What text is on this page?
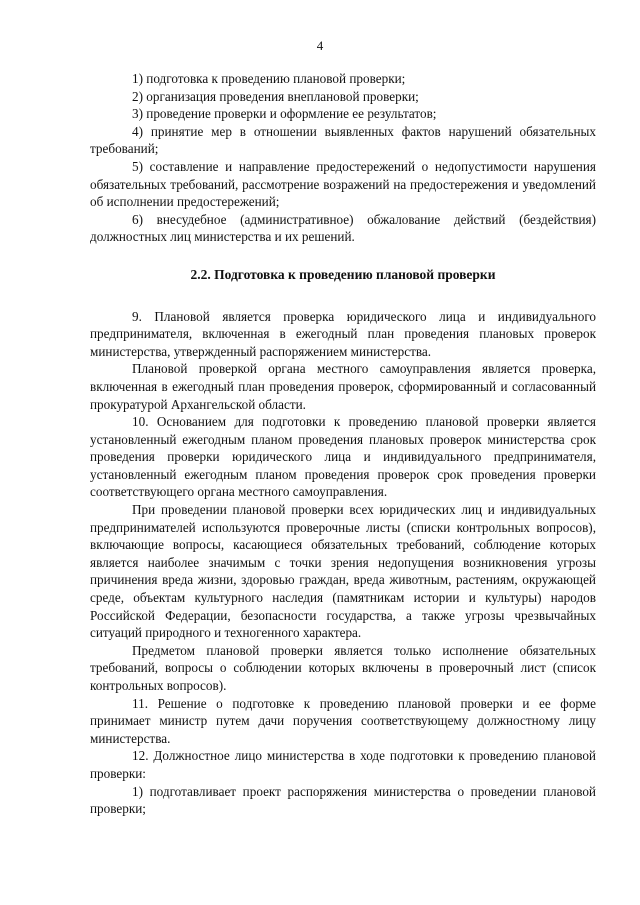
4

1) подготовка к проведению плановой проверки;

2) организация проведения внеплановой проверки;

3) проведение проверки и оформление ее результатов;

4) принятие мер в отношении выявленных фактов нарушений обязательных требований;

5) составление и направление предостережений о недопустимости нарушения обязательных требований, рассмотрение возражений на предостережения и уведомлений об исполнении предостережений;

6) внесудебное (административное) обжалование действий (бездействия) должностных лиц министерства и их решений.

2.2. Подготовка к проведению плановой проверки

9. Плановой является проверка юридического лица и индивидуального предпринимателя, включенная в ежегодный план проведения плановых проверок министерства, утвержденный распоряжением министерства.

Плановой проверкой органа местного самоуправления является проверка, включенная в ежегодный план проведения проверок, сформированный и согласованный прокуратурой Архангельской области.

10. Основанием для подготовки к проведению плановой проверки является установленный ежегодным планом проведения плановых проверок министерства срок проведения проверки юридического лица и индивидуального предпринимателя, установленный ежегодным планом проведения проверок срок проведения проверки соответствующего органа местного самоуправления.

При проведении плановой проверки всех юридических лиц и индивидуальных предпринимателей используются проверочные листы (списки контрольных вопросов), включающие вопросы, касающиеся обязательных требований, соблюдение которых является наиболее значимым с точки зрения недопущения возникновения угрозы причинения вреда жизни, здоровью граждан, вреда животным, растениям, окружающей среде, объектам культурного наследия (памятникам истории и культуры) народов Российской Федерации, безопасности государства, а также угрозы чрезвычайных ситуаций природного и техногенного характера.

Предметом плановой проверки является только исполнение обязательных требований, вопросы о соблюдении которых включены в проверочный лист (список контрольных вопросов).

11. Решение о подготовке к проведению плановой проверки и ее форме принимает министр путем дачи поручения соответствующему должностному лицу министерства.

12. Должностное лицо министерства в ходе подготовки к проведению плановой проверки:

1) подготавливает проект распоряжения министерства о проведении плановой проверки;
